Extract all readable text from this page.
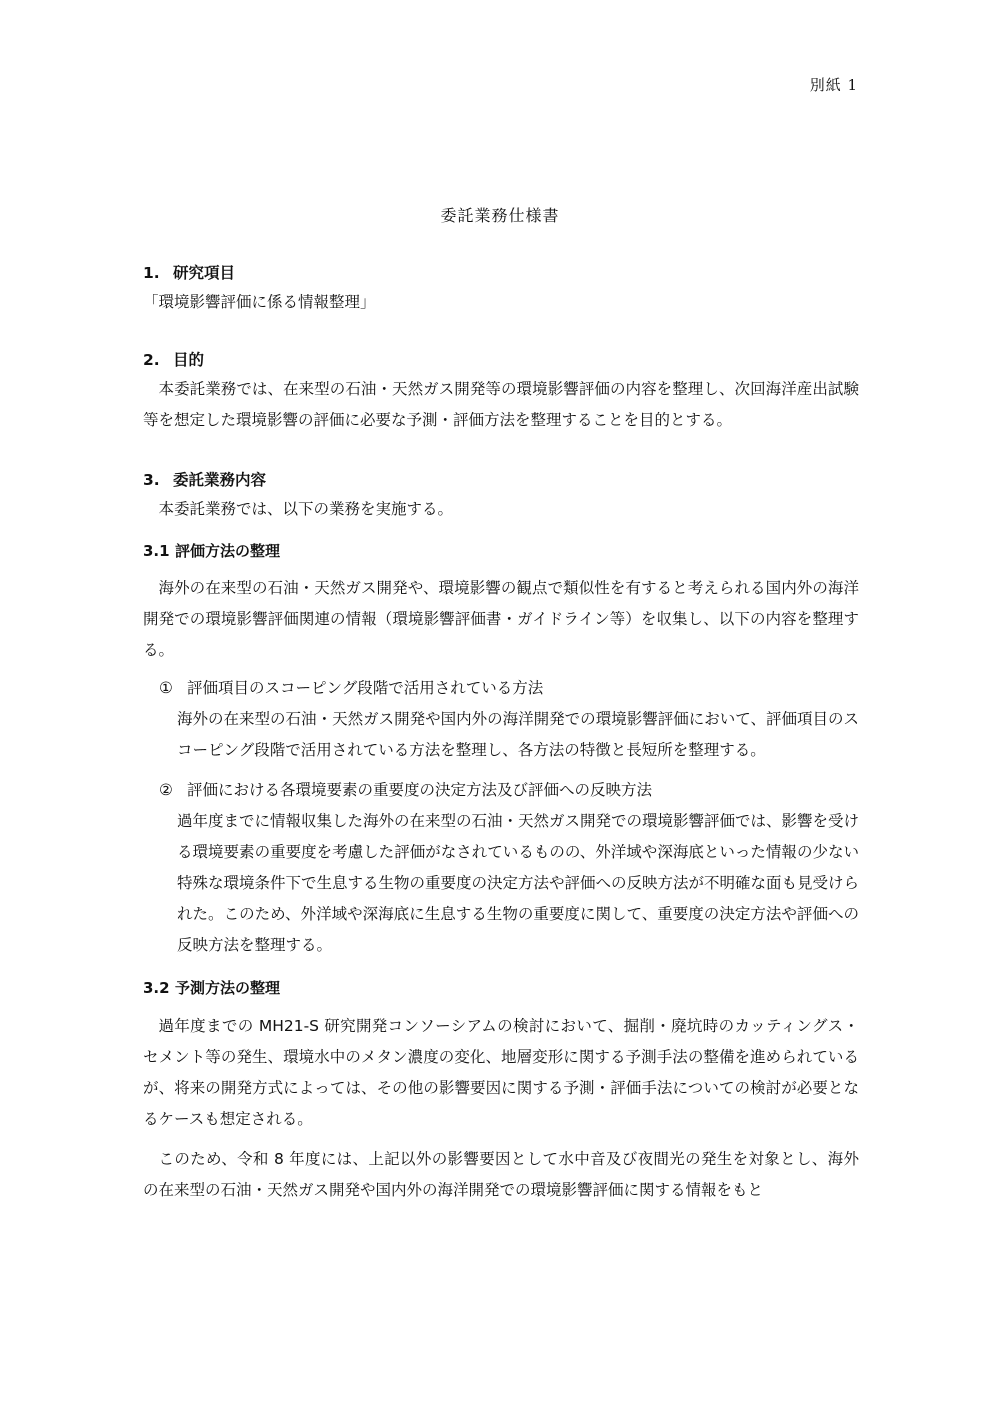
別紙 1
委託業務仕様書
1. 研究項目

「環境影響評価に係る情報整理」

2. 目的

本委託業務では、在来型の石油・天然ガス開発等の環境影響評価の内容を整理し、次回海洋産出試験等を想定した環境影響の評価に必要な予測・評価方法を整理することを目的とする。

3. 委託業務内容

本委託業務では、以下の業務を実施する。

3.1 評価方法の整理

海外の在来型の石油・天然ガス開発や、環境影響の観点で類似性を有すると考えられる国内外の海洋開発での環境影響評価関連の情報（環境影響評価書・ガイドライン等）を収集し、以下の内容を整理する。

① 評価項目のスコーピング段階で活用されている方法
海外の在来型の石油・天然ガス開発や国内外の海洋開発での環境影響評価において、評価項目のスコーピング段階で活用されている方法を整理し、各方法の特徴と長短所を整理する。
② 評価における各環境要素の重要度の決定方法及び評価への反映方法
過年度までに情報収集した海外の在来型の石油・天然ガス開発での環境影響評価では、影響を受ける環境要素の重要度を考慮した評価がなされているものの、外洋域や深海底といった情報の少ない特殊な環境条件下で生息する生物の重要度の決定方法や評価への反映方法が不明確な面も見受けられた。このため、外洋域や深海底に生息する生物の重要度に関して、重要度の決定方法や評価への反映方法を整理する。
3.2 予測方法の整理

過年度までの MH21-S 研究開発コンソーシアムの検討において、掘削・廃坑時のカッティングス・セメント等の発生、環境水中のメタン濃度の変化、地層変形に関する予測手法の整備を進められているが、将来の開発方式によっては、その他の影響要因に関する予測・評価手法についての検討が必要となるケースも想定される。

このため、令和 8 年度には、上記以外の影響要因として水中音及び夜間光の発生を対象とし、海外の在来型の石油・天然ガス開発や国内外の海洋開発での環境影響評価に関する情報をもと
